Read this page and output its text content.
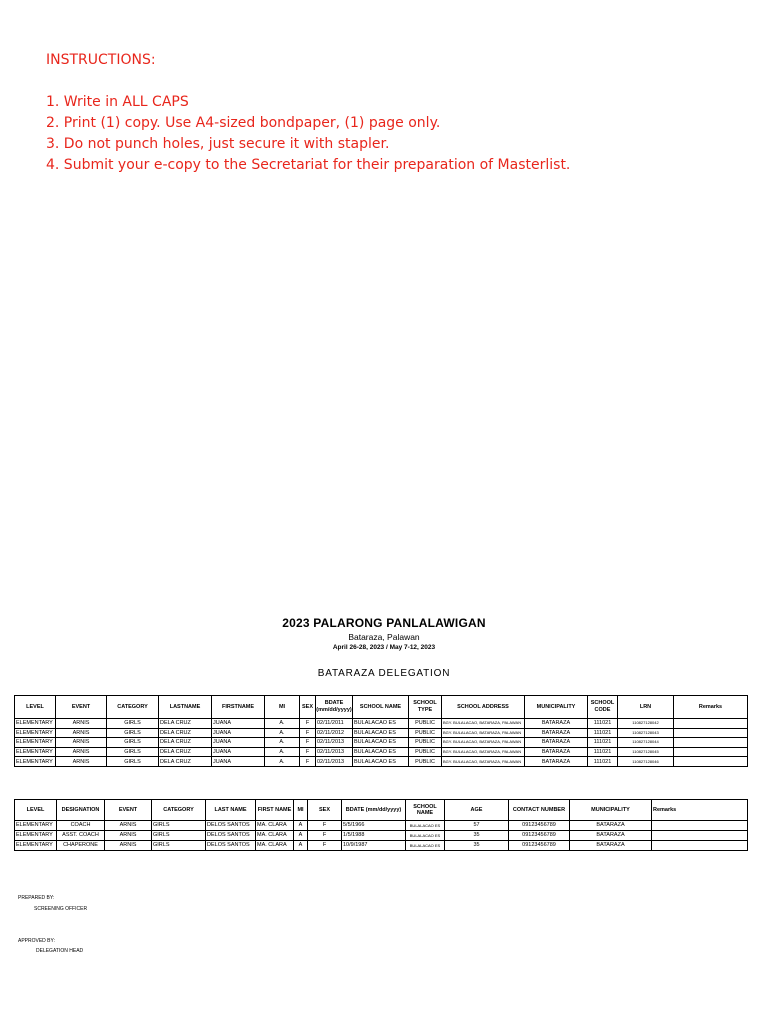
INSTRUCTIONS:
1. Write in ALL CAPS
2. Print (1) copy. Use A4-sized bondpaper, (1) page only.
3. Do not punch holes, just secure it with stapler.
4. Submit your e-copy to the Secretariat for their preparation of Masterlist.
2023 PALARONG PANLALAWIGAN
Bataraza, Palawan
April 26-28, 2023 / May 7-12, 2023
BATARAZA DELEGATION
LEVEL	EVENT	CATEGORY	LASTNAME	FIRSTNAME	MI	SEX	BDATE (mm/dd/yyyy)	SCHOOL NAME	SCHOOL TYPE	SCHOOL ADDRESS	MUNICIPALITY	SCHOOL CODE	LRN	Remarks
ELEMENTARY	ARNIS	GIRLS	DELA CRUZ	JUANA	A.	F	02/11/2011	BULALACAO ES	PUBLIC	BGY. BULALACAO, BATARAZA, PALAWAN	BATARAZA	111021	110827128042	
ELEMENTARY	ARNIS	GIRLS	DELA CRUZ	JUANA	A.	F	02/11/2012	BULALACAO ES	PUBLIC	BGY. BULALACAO, BATARAZA, PALAWAN	BATARAZA	111021	110827128043	
ELEMENTARY	ARNIS	GIRLS	DELA CRUZ	JUANA	A.	F	02/11/2013	BULALACAO ES	PUBLIC	BGY. BULALACAO, BATARAZA, PALAWAN	BATARAZA	111021	110827128044	
ELEMENTARY	ARNIS	GIRLS	DELA CRUZ	JUANA	A.	F	02/11/2013	BULALACAO ES	PUBLIC	BGY. BULALACAO, BATARAZA, PALAWAN	BATARAZA	111021	110827128045	
ELEMENTARY	ARNIS	GIRLS	DELA CRUZ	JUANA	A.	F	02/11/2013	BULALACAO ES	PUBLIC	BGY. BULALACAO, BATARAZA, PALAWAN	BATARAZA	111021	110827128046	
LEVEL	DESIGNATION	EVENT	CATEGORY	LAST NAME	FIRST NAME	MI	SEX	BDATE (mm/dd/yyyy)	SCHOOL NAME	AGE	CONTACT NUMBER	MUNICIPALITY	Remarks
ELEMENTARY	COACH	ARNIS	GIRLS	DELOS SANTOS	MA. CLARA	A	F	5/5/1966	BULALACAO ES	57	09123456789	BATARAZA	
ELEMENTARY	ASST. COACH	ARNIS	GIRLS	DELOS SANTOS	MA. CLARA	A	F	1/5/1988	BULALACAO ES	35	09123456789	BATARAZA	
ELEMENTARY	CHAPERONE	ARNIS	GIRLS	DELOS SANTOS	MA. CLARA	A	F	10/9/1987	BULALACAO ES	35	09123456789	BATARAZA	
PREPARED BY:
SCREENING OFFICER
APPROVED BY:
DELEGATION HEAD
